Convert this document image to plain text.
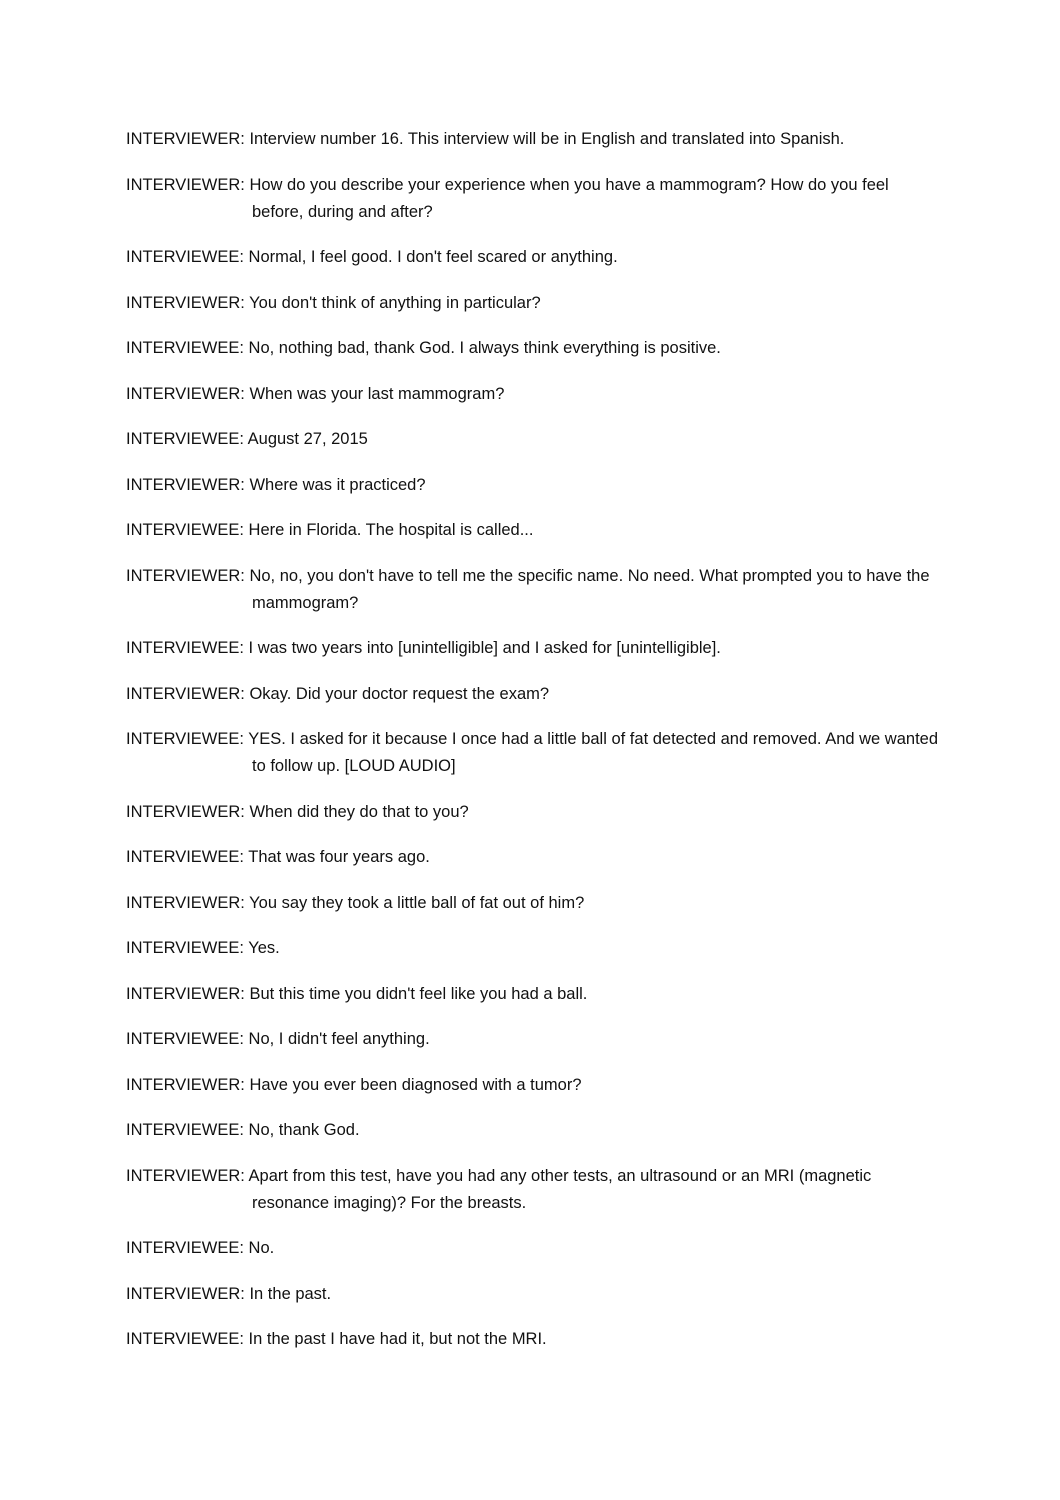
INTERVIEWER: Interview number 16. This interview will be in English and translated into Spanish.

INTERVIEWER: How do you describe your experience when you have a mammogram? How do you feel before, during and after?

INTERVIEWEE: Normal, I feel good. I don't feel scared or anything.

INTERVIEWER: You don't think of anything in particular?

INTERVIEWEE: No, nothing bad, thank God. I always think everything is positive.

INTERVIEWER: When was your last mammogram?

INTERVIEWEE: August 27, 2015

INTERVIEWER: Where was it practiced?

INTERVIEWEE: Here in Florida. The hospital is called...

INTERVIEWER: No, no, you don't have to tell me the specific name. No need. What prompted you to have the mammogram?

INTERVIEWEE: I was two years into [unintelligible] and I asked for [unintelligible].

INTERVIEWER: Okay. Did your doctor request the exam?

INTERVIEWEE: YES. I asked for it because I once had a little ball of fat detected and removed. And we wanted to follow up. [LOUD AUDIO]

INTERVIEWER: When did they do that to you?

INTERVIEWEE: That was four years ago.

INTERVIEWER: You say they took a little ball of fat out of him?

INTERVIEWEE: Yes.

INTERVIEWER: But this time you didn't feel like you had a ball.

INTERVIEWEE: No, I didn't feel anything.

INTERVIEWER: Have you ever been diagnosed with a tumor?

INTERVIEWEE: No, thank God.

INTERVIEWER: Apart from this test, have you had any other tests, an ultrasound or an MRI (magnetic resonance imaging)? For the breasts.

INTERVIEWEE: No.

INTERVIEWER: In the past.

INTERVIEWEE: In the past I have had it, but not the MRI.
